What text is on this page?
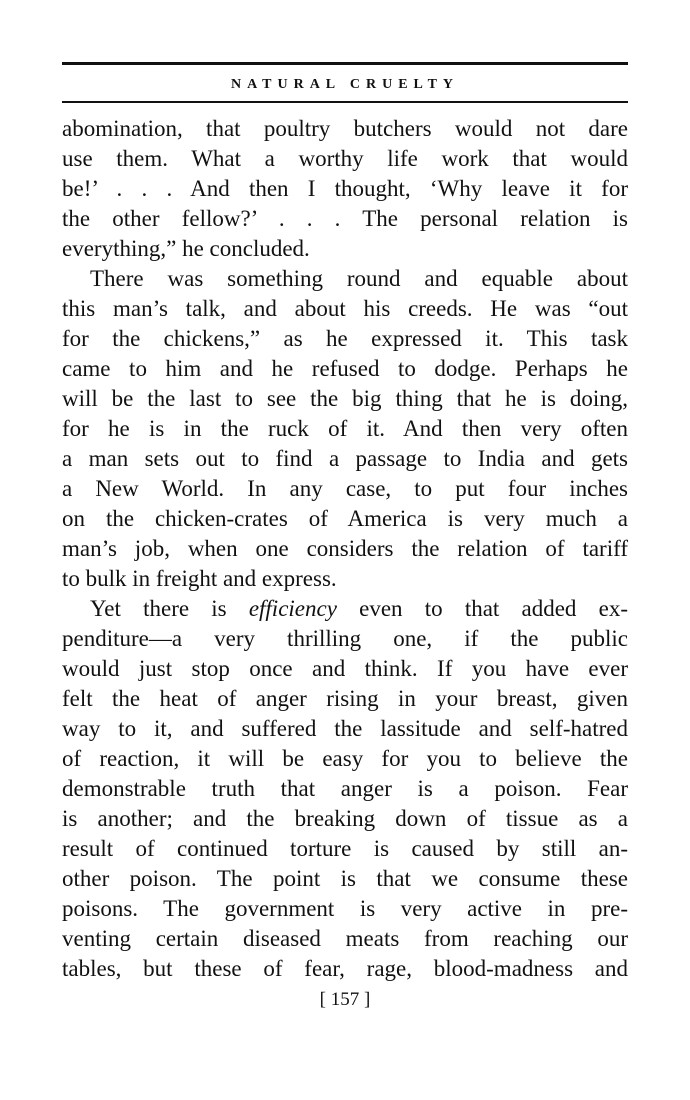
NATURAL CRUELTY
abomination, that poultry butchers would not dare
use them. What a worthy life work that would
be!’ . . . And then I thought, ‘Why leave it for
the other fellow?’ . . . The personal relation is
everything,” he concluded.
There was something round and equable about
this man’s talk, and about his creeds. He was “out
for the chickens,” as he expressed it. This task
came to him and he refused to dodge. Perhaps he
will be the last to see the big thing that he is doing,
for he is in the ruck of it. And then very often
a man sets out to find a passage to India and gets
a New World. In any case, to put four inches
on the chicken-crates of America is very much a
man’s job, when one considers the relation of tariff
to bulk in freight and express.
Yet there is efficiency even to that added ex-
penditure—a very thrilling one, if the public
would just stop once and think. If you have ever
felt the heat of anger rising in your breast, given
way to it, and suffered the lassitude and self-hatred
of reaction, it will be easy for you to believe the
demonstrable truth that anger is a poison. Fear
is another; and the breaking down of tissue as a
result of continued torture is caused by still an-
other poison. The point is that we consume these
poisons. The government is very active in pre-
venting certain diseased meats from reaching our
tables, but these of fear, rage, blood-madness and
[ 157 ]
